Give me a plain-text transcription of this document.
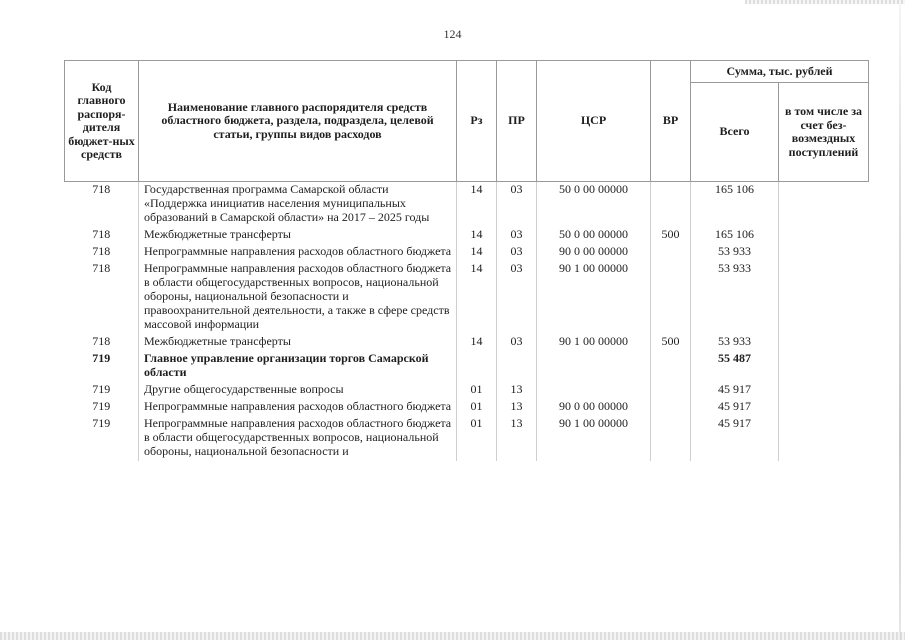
124
Код главного распоря-дителя бюджет-ных средств	Наименование главного распорядителя средств областного бюджета, раздела, подраздела, целевой статьи, группы видов расходов	Рз	ПР	ЦСР	ВР	Сумма, тыс. рублей	
						Всего	в том числе за счет без-возмездных поступлений
718	Государственная программа Самарской области «Поддержка инициатив населения муниципальных образований в Самарской области» на 2017 – 2025 годы	14	03	50 0 00 00000		165 106	
718	Межбюджетные трансферты	14	03	50 0 00 00000	500	165 106	
718	Непрограммные направления расходов областного бюджета	14	03	90 0 00 00000		53 933	
718	Непрограммные направления расходов областного бюджета в области общегосударственных вопросов, национальной обороны, национальной безопасности и правоохранительной деятельности, а также в сфере средств массовой информации	14	03	90 1 00 00000		53 933	
718	Межбюджетные трансферты	14	03	90 1 00 00000	500	53 933	
719	Главное управление организации торгов Самарской области					55 487	
719	Другие общегосударственные вопросы	01	13			45 917	
719	Непрограммные направления расходов областного бюджета	01	13	90 0 00 00000		45 917	
719	Непрограммные направления расходов областного бюджета в области общегосударственных вопросов, национальной обороны, национальной безопасности и	01	13	90 1 00 00000		45 917	
